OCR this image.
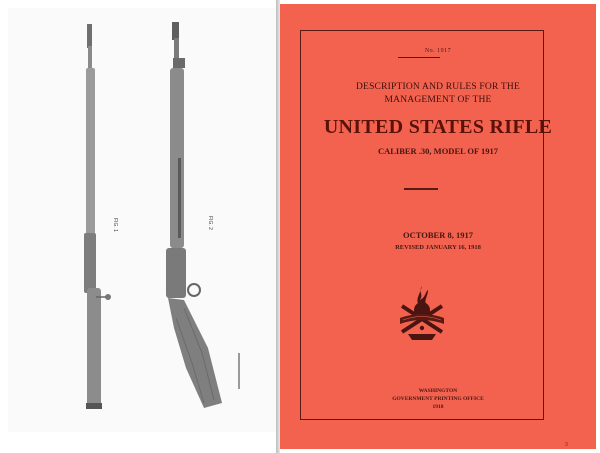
FIG. 1	FIG. 2
No. 1917
DESCRIPTION AND RULES FOR THE
MANAGEMENT OF THE
UNITED STATES RIFLE
CALIBER .30, MODEL OF 1917
OCTOBER 8, 1917
REVISED JANUARY 16, 1918
WASHINGTON
GOVERNMENT PRINTING OFFICE
1918
3
